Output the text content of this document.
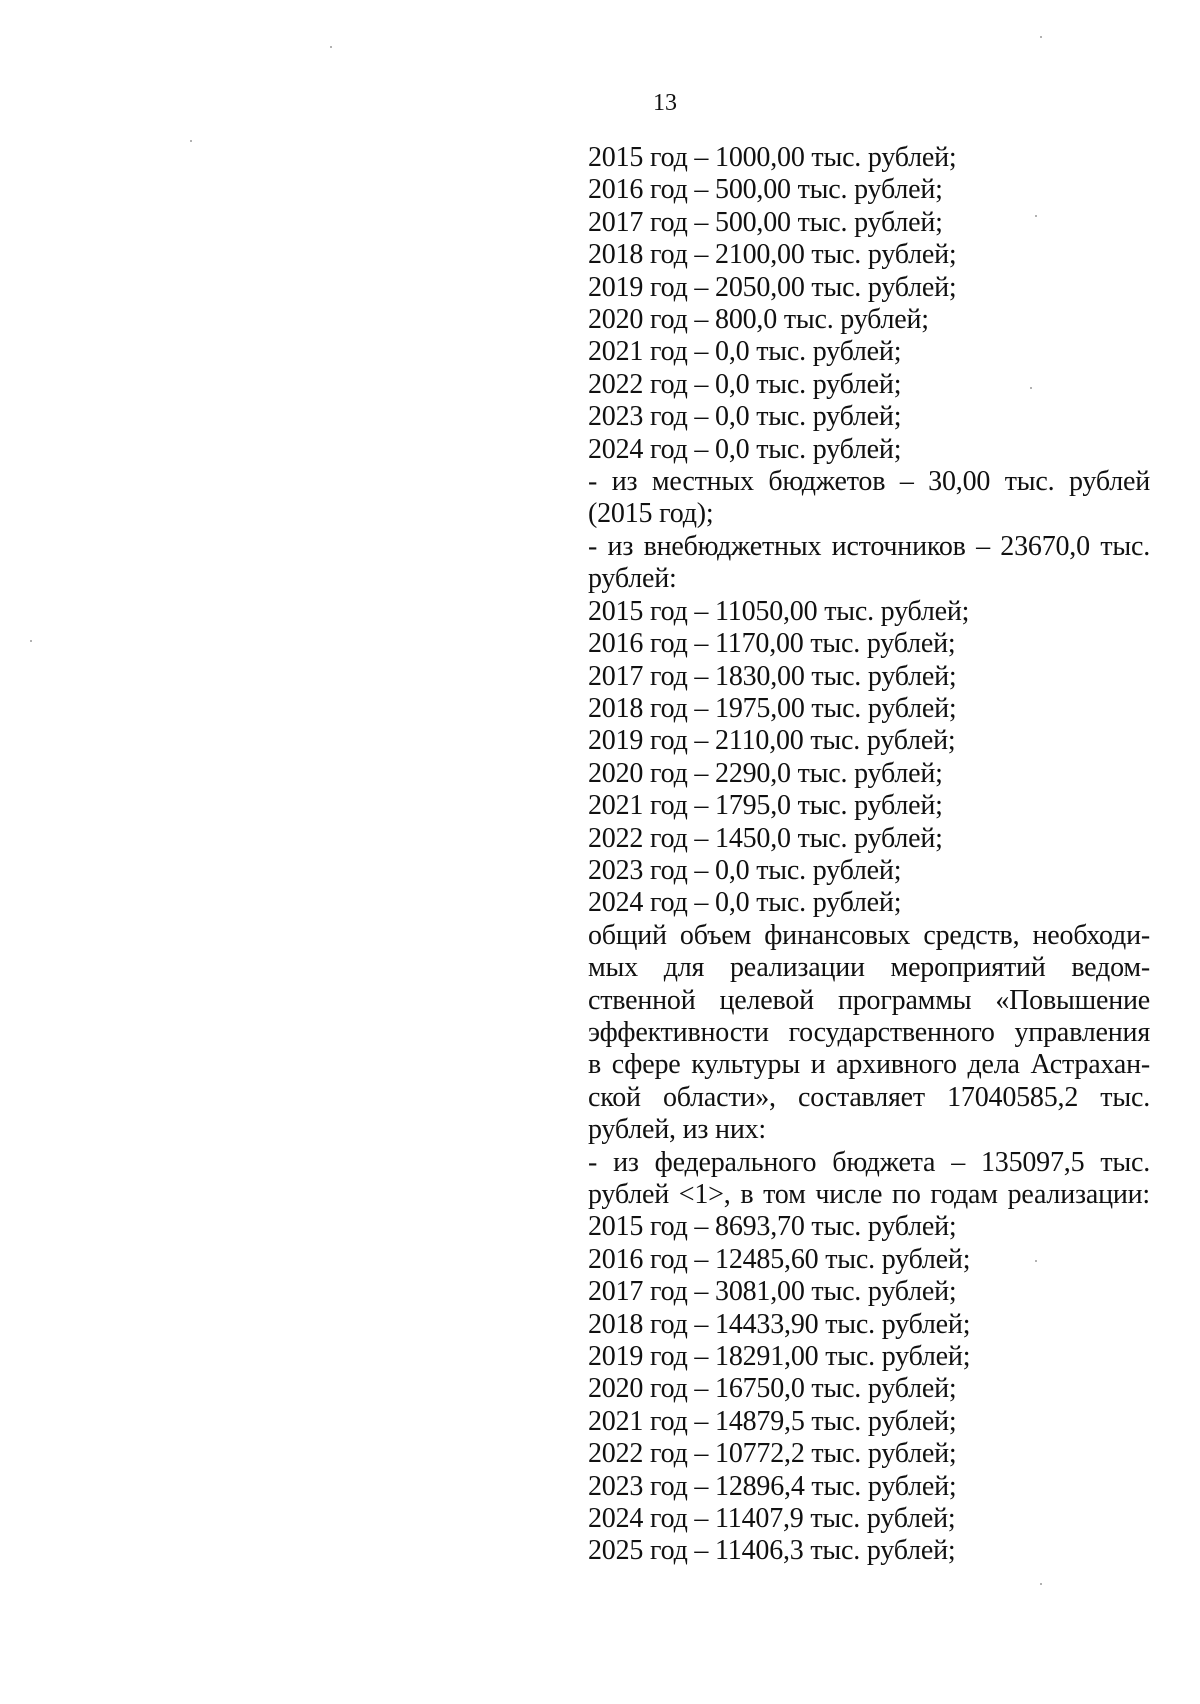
13

2015 год – 1000,00 тыс. рублей;

2016 год – 500,00 тыс. рублей;

2017 год – 500,00 тыс. рублей;

2018 год – 2100,00 тыс. рублей;

2019 год – 2050,00 тыс. рублей;

2020 год – 800,0 тыс. рублей;

2021 год – 0,0 тыс. рублей;

2022 год – 0,0 тыс. рублей;

2023 год – 0,0 тыс. рублей;

2024 год – 0,0 тыс. рублей;

- из местных бюджетов – 30,00 тыс. рублей

(2015 год);

- из внебюджетных источников – 23670,0 тыс.

рублей:

2015 год – 11050,00 тыс. рублей;

2016 год – 1170,00 тыс. рублей;

2017 год – 1830,00 тыс. рублей;

2018 год – 1975,00 тыс. рублей;

2019 год – 2110,00 тыс. рублей;

2020 год – 2290,0 тыс. рублей;

2021 год – 1795,0 тыс. рублей;

2022 год – 1450,0 тыс. рублей;

2023 год – 0,0 тыс. рублей;

2024 год – 0,0 тыс. рублей;

общий объем финансовых средств, необходи-

мых для реализации мероприятий ведом-

ственной целевой программы «Повышение

эффективности государственного управления

в сфере культуры и архивного дела Астрахан-

ской области», составляет 17040585,2 тыс.

рублей, из них:

- из федерального бюджета – 135097,5 тыс.

рублей <1>, в том числе по годам реализации:

2015 год – 8693,70 тыс. рублей;

2016 год – 12485,60 тыс. рублей;

2017 год – 3081,00 тыс. рублей;

2018 год – 14433,90 тыс. рублей;

2019 год – 18291,00 тыс. рублей;

2020 год – 16750,0 тыс. рублей;

2021 год – 14879,5 тыс. рублей;

2022 год – 10772,2 тыс. рублей;

2023 год – 12896,4 тыс. рублей;

2024 год – 11407,9 тыс. рублей;

2025 год – 11406,3 тыс. рублей;
